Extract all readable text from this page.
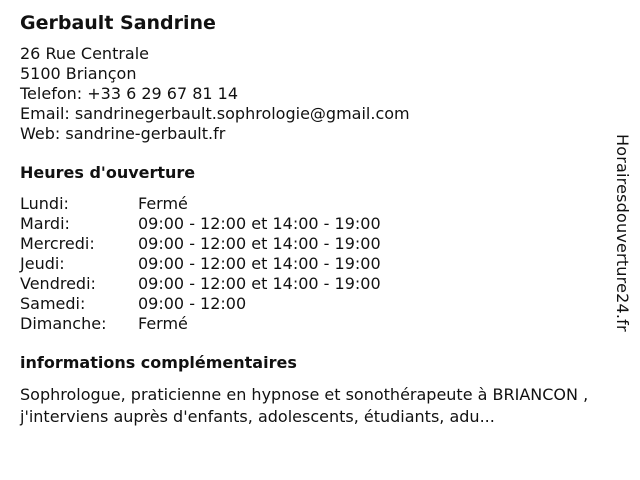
Gerbault Sandrine
26 Rue Centrale
5100 Briançon
Telefon: +33 6 29 67 81 14
Email: sandrinegerbault.sophrologie@gmail.com
Web: sandrine-gerbault.fr
Heures d'ouverture
Lundi:	Fermé
Mardi:	09:00 - 12:00 et 14:00 - 19:00
Mercredi:	09:00 - 12:00 et 14:00 - 19:00
Jeudi:	09:00 - 12:00 et 14:00 - 19:00
Vendredi:	09:00 - 12:00 et 14:00 - 19:00
Samedi:	09:00 - 12:00
Dimanche:	Fermé
informations complémentaires
Sophrologue, praticienne en hypnose et sonothérapeute à BRIANCON , j'interviens auprès d'enfants, adolescents, étudiants, adu...
Horairesdouverture24.fr
